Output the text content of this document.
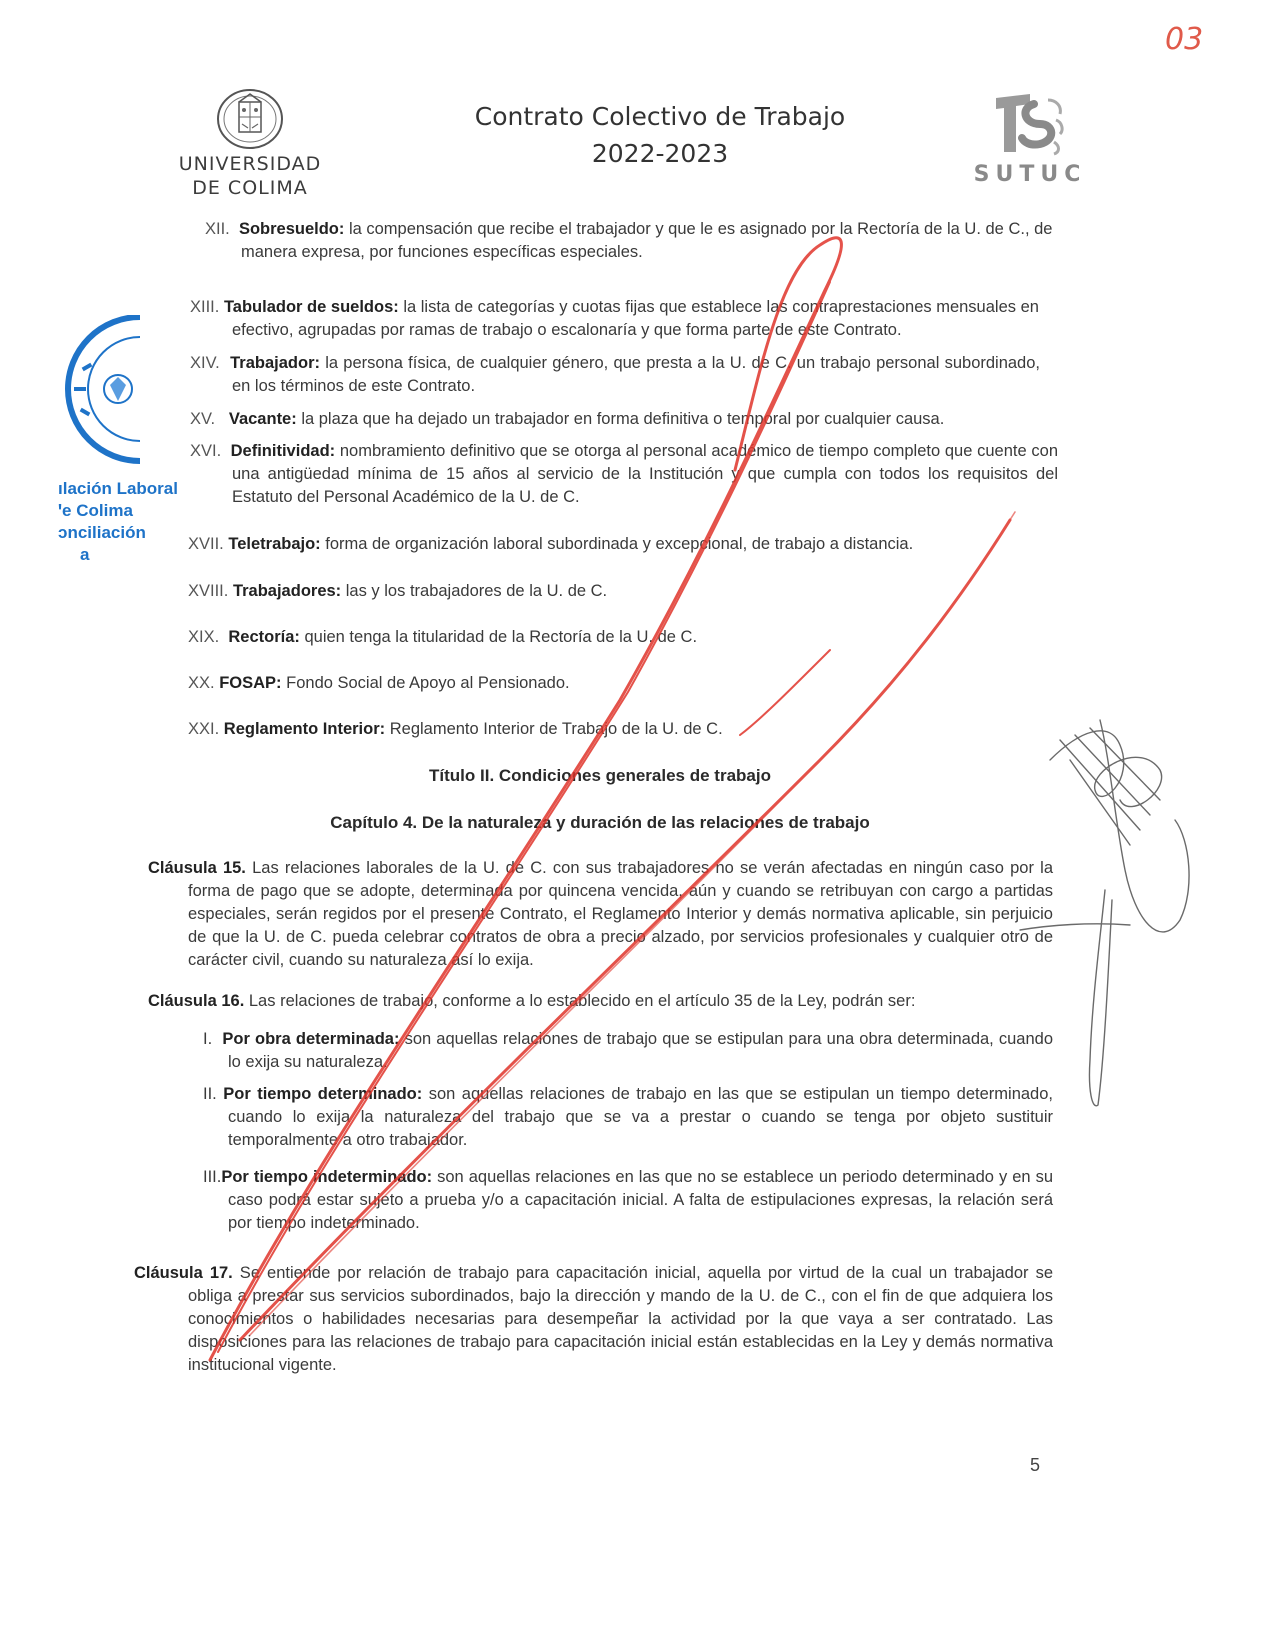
03
UNIVERSIDAD
DE COLIMA
Contrato Colectivo de Trabajo
2022-2023
SUTUC
ılación Laboral
ꞌe Colima
ɔnciliación
a
XII. Sobresueldo: la compensación que recibe el trabajador y que le es asignado por la Rectoría de la U. de C., de manera expresa, por funciones específicas especiales.
XIII. Tabulador de sueldos: la lista de categorías y cuotas fijas que establece las contraprestaciones mensuales en efectivo, agrupadas por ramas de trabajo o escalonaría y que forma parte de este Contrato.
XIV. Trabajador: la persona física, de cualquier género, que presta a la U. de C. un trabajo personal subordinado, en los términos de este Contrato.
XV. Vacante: la plaza que ha dejado un trabajador en forma definitiva o temporal por cualquier causa.
XVI. Definitividad: nombramiento definitivo que se otorga al personal académico de tiempo completo que cuente con una antigüedad mínima de 15 años al servicio de la Institución y que cumpla con todos los requisitos del Estatuto del Personal Académico de la U. de C.
XVII. Teletrabajo: forma de organización laboral subordinada y excepcional, de trabajo a distancia.
XVIII. Trabajadores: las y los trabajadores de la U. de C.
XIX. Rectoría: quien tenga la titularidad de la Rectoría de la U. de C.
XX. FOSAP: Fondo Social de Apoyo al Pensionado.
XXI. Reglamento Interior: Reglamento Interior de Trabajo de la U. de C.
Título II. Condiciones generales de trabajo
Capítulo 4. De la naturaleza y duración de las relaciones de trabajo
Cláusula 15. Las relaciones laborales de la U. de C. con sus trabajadores no se verán afectadas en ningún caso por la forma de pago que se adopte, determinada por quincena vencida, aún y cuando se retribuyan con cargo a partidas especiales, serán regidos por el presente Contrato, el Reglamento Interior y demás normativa aplicable, sin perjuicio de que la U. de C. pueda celebrar contratos de obra a precio alzado, por servicios profesionales y cualquier otro de carácter civil, cuando su naturaleza así lo exija.
Cláusula 16. Las relaciones de trabajo, conforme a lo establecido en el artículo 35 de la Ley, podrán ser:
I. Por obra determinada: son aquellas relaciones de trabajo que se estipulan para una obra determinada, cuando lo exija su naturaleza.
II. Por tiempo determinado: son aquellas relaciones de trabajo en las que se estipulan un tiempo determinado, cuando lo exija la naturaleza del trabajo que se va a prestar o cuando se tenga por objeto sustituir temporalmente a otro trabajador.
III.Por tiempo indeterminado: son aquellas relaciones en las que no se establece un periodo determinado y en su caso podrá estar sujeto a prueba y/o a capacitación inicial. A falta de estipulaciones expresas, la relación será por tiempo indeterminado.
Cláusula 17. Se entiende por relación de trabajo para capacitación inicial, aquella por virtud de la cual un trabajador se obliga a prestar sus servicios subordinados, bajo la dirección y mando de la U. de C., con el fin de que adquiera los conocimientos o habilidades necesarias para desempeñar la actividad por la que vaya a ser contratado. Las disposiciones para las relaciones de trabajo para capacitación inicial están establecidas en la Ley y demás normativa institucional vigente.
5
